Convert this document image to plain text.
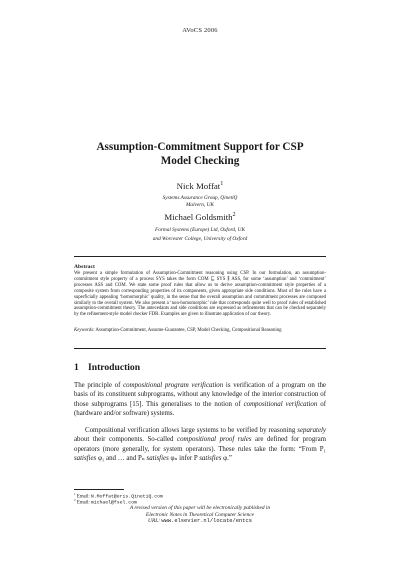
AVoCS 2006
Assumption-Commitment Support for CSP
Model Checking
Nick Moffat$^1$
Systems Assurance Group, QinetiQ
Malvern, UK
Michael Goldsmith$^2$
Formal Systems (Europe) Ltd, Oxford, UK
and Worcester College, University of Oxford
Abstract
We present a simple formulation of Assumption-Commitment reasoning using CSP. In our formulation, an assumption-commitment style property of a process SYS takes the form COM ⊑ SYS ∥ ASS, for some ‘assumption’ and ‘commitment’ processes ASS and COM. We state some proof rules that allow us to derive assumption-commitment style properties of a composite system from corresponding properties of its components, given appropriate side conditions. Most of the rules have a superficially appealing ‘homomorphic’ quality, in the sense that the overall assumption and commitment processes are composed similarly to the overall system. We also present a ‘non-homomorphic’ rule that corresponds quite well to proof rules of established assumption-commitment theory. The antecedants and side conditions are expressed as refinements that can be checked separately by the refinement-style model checker FDR. Examples are given to illustrate application of our theory.
Keywords: Assumption-Commitment, Assume-Guarantee, CSP, Model Checking, Compositional Reasoning
1 Introduction
The principle of compositional program verification is verification of a program on the basis of its constituent subprograms, without any knowledge of the interior construction of those subprograms [15]. This generalises to the notion of compositional verification of (hardware and/or software) systems.
Compositional verification allows large systems to be verified by reasoning separately about their components. So-called compositional proof rules are defined for program operators (more generally, for system operators). These rules take the form: “From P₁ satisfies φ₁ and … and Pₙ satisfies φₙ infer P satisfies φ.”
$^1$ Email: N.Moffat@eris.QinetiQ.com
$^2$ Email: michael@fsel.com
A revised version of this paper will be electronically published in
Electronic Notes in Theoretical Computer Science
URL: www.elsevier.nl/locate/entcs
